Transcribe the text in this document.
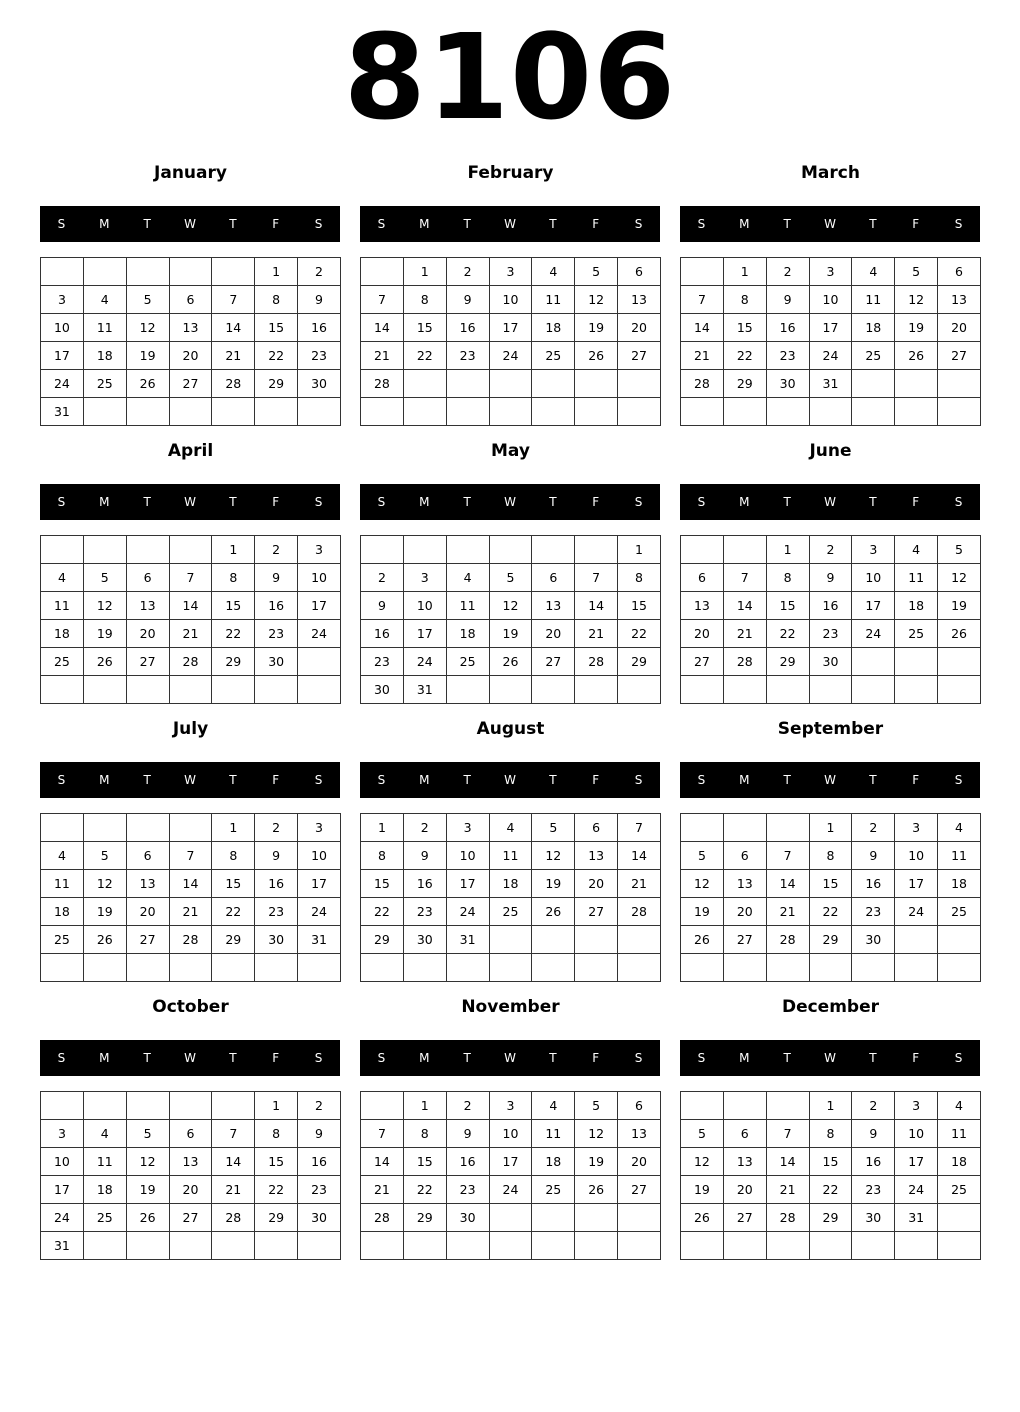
8106
January
S	M	T	W	T	F	S
					1	2
3	4	5	6	7	8	9
10	11	12	13	14	15	16
17	18	19	20	21	22	23
24	25	26	27	28	29	30
31						
February
S	M	T	W	T	F	S
	1	2	3	4	5	6
7	8	9	10	11	12	13
14	15	16	17	18	19	20
21	22	23	24	25	26	27
28						

March
S	M	T	W	T	F	S
	1	2	3	4	5	6
7	8	9	10	11	12	13
14	15	16	17	18	19	20
21	22	23	24	25	26	27
28	29	30	31			

April
S	M	T	W	T	F	S
				1	2	3
4	5	6	7	8	9	10
11	12	13	14	15	16	17
18	19	20	21	22	23	24
25	26	27	28	29	30	

May
S	M	T	W	T	F	S
						1
2	3	4	5	6	7	8
9	10	11	12	13	14	15
16	17	18	19	20	21	22
23	24	25	26	27	28	29
30	31					
June
S	M	T	W	T	F	S
		1	2	3	4	5
6	7	8	9	10	11	12
13	14	15	16	17	18	19
20	21	22	23	24	25	26
27	28	29	30			

July
S	M	T	W	T	F	S
				1	2	3
4	5	6	7	8	9	10
11	12	13	14	15	16	17
18	19	20	21	22	23	24
25	26	27	28	29	30	31

August
S	M	T	W	T	F	S
1	2	3	4	5	6	7
8	9	10	11	12	13	14
15	16	17	18	19	20	21
22	23	24	25	26	27	28
29	30	31				

September
S	M	T	W	T	F	S
			1	2	3	4
5	6	7	8	9	10	11
12	13	14	15	16	17	18
19	20	21	22	23	24	25
26	27	28	29	30		

October
S	M	T	W	T	F	S
					1	2
3	4	5	6	7	8	9
10	11	12	13	14	15	16
17	18	19	20	21	22	23
24	25	26	27	28	29	30
31						
November
S	M	T	W	T	F	S
	1	2	3	4	5	6
7	8	9	10	11	12	13
14	15	16	17	18	19	20
21	22	23	24	25	26	27
28	29	30				

December
S	M	T	W	T	F	S
			1	2	3	4
5	6	7	8	9	10	11
12	13	14	15	16	17	18
19	20	21	22	23	24	25
26	27	28	29	30	31	
